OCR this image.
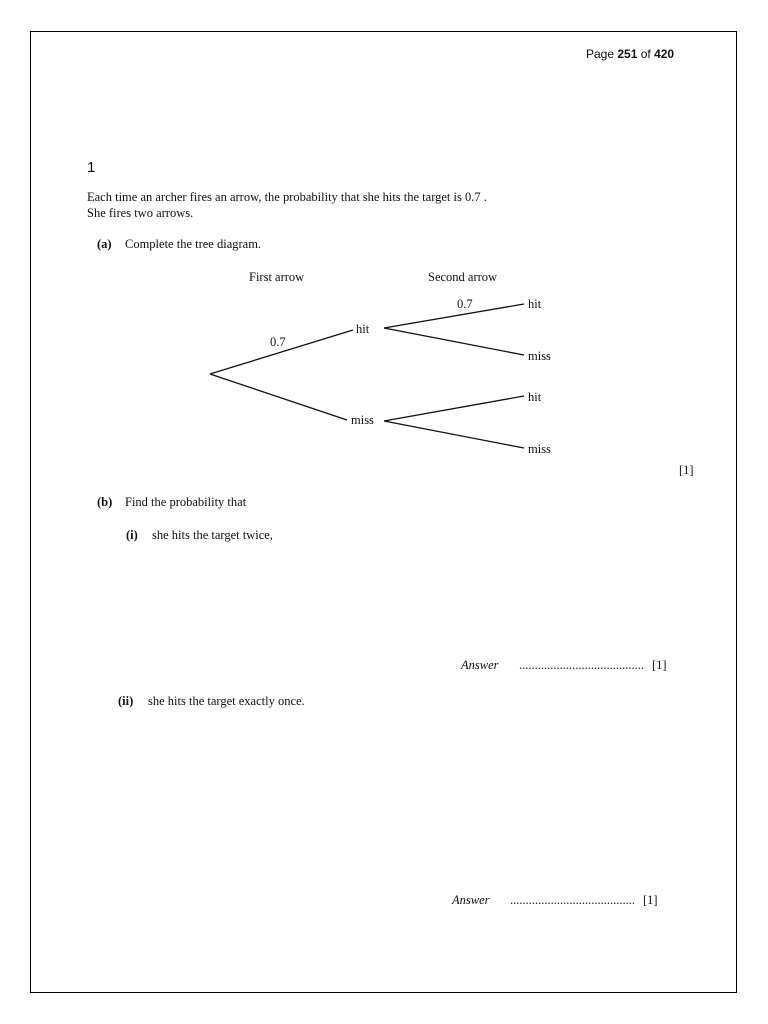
Page 251 of 420
1
Each time an archer fires an arrow, the probability that she hits the target is 0.7 .
She fires two arrows.
(a) Complete the tree diagram.
First arrow	Second arrow
0.7
hit
miss
0.7	hit
miss
hit
miss
[1]
(b) Find the probability that
(i) she hits the target twice,
Answer ........................................ [1]
(ii) she hits the target exactly once.
Answer ........................................ [1]
